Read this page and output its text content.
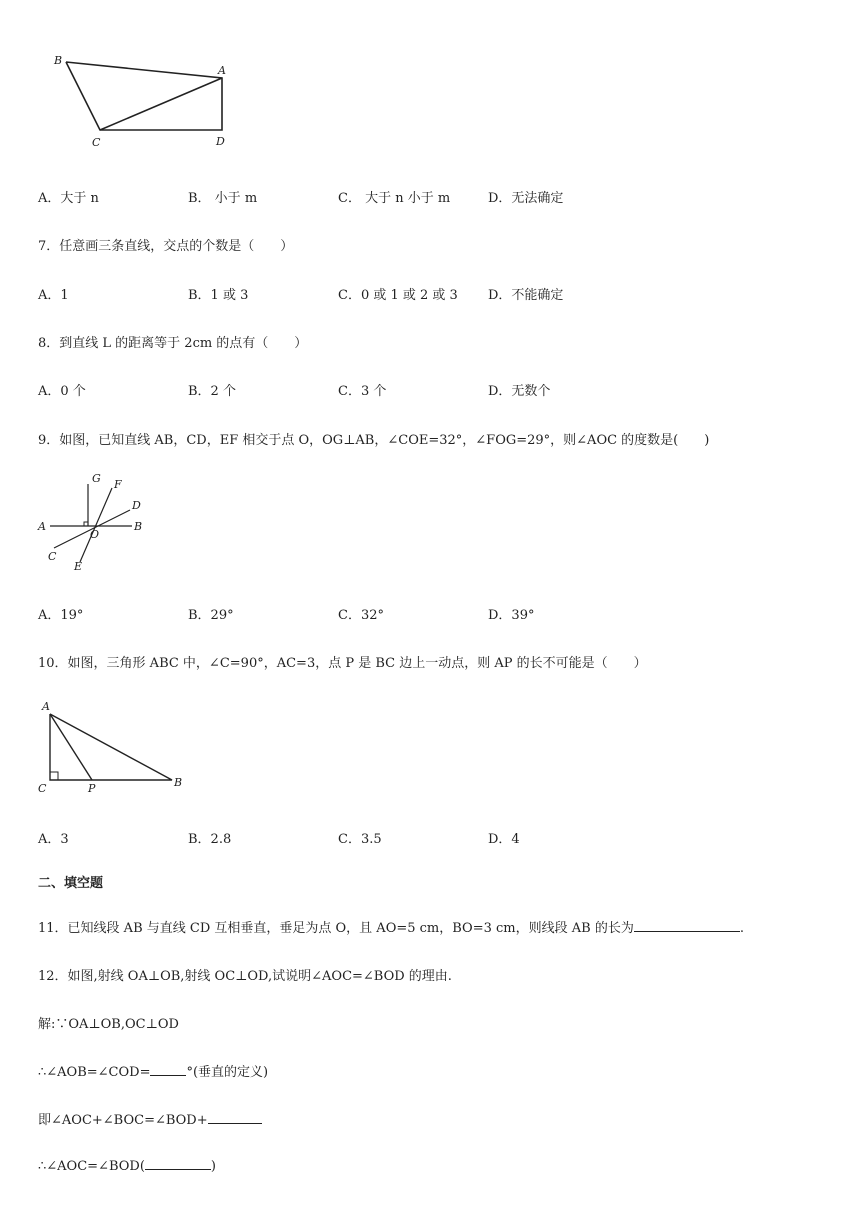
B
A
C	D
A．大于 n	B． 小于 m	C． 大于 n 小于 m	D．无法确定
7．任意画三条直线，交点的个数是（　　）
A．1	B．1 或 3	C．0 或 1 或 2 或 3 D．不能确定
8．到直线 L 的距离等于 2cm 的点有（　　）
A．0 个	B．2 个	C．3 个	D．无数个
9．如图，已知直线 AB，CD，EF 相交于点 O，OG⊥AB，∠COE=32°，∠FOG=29°，则∠AOC 的度数是(　　)
G F
D
A
O
B
C
E
A．19°	B．29°	C．32°	D．39°
10．如图，三角形 ABC 中，∠C=90°，AC=3，点 P 是 BC 边上一动点，则 AP 的长不可能是（　　）
A
C	P	B
A．3	B．2.8	C．3.5	D．4
二、填空题
11．已知线段 AB 与直线 CD 互相垂直，垂足为点 O，且 AO=5 cm，BO=3 cm，则线段 AB 的长为	.
12．如图,射线 OA⊥OB,射线 OC⊥OD,试说明∠AOC=∠BOD 的理由.
解:∵OA⊥OB,OC⊥OD
∴∠AOB=∠COD=	°(垂直的定义)
即∠AOC+∠BOC=∠BOD+
∴∠AOC=∠BOD(	)
